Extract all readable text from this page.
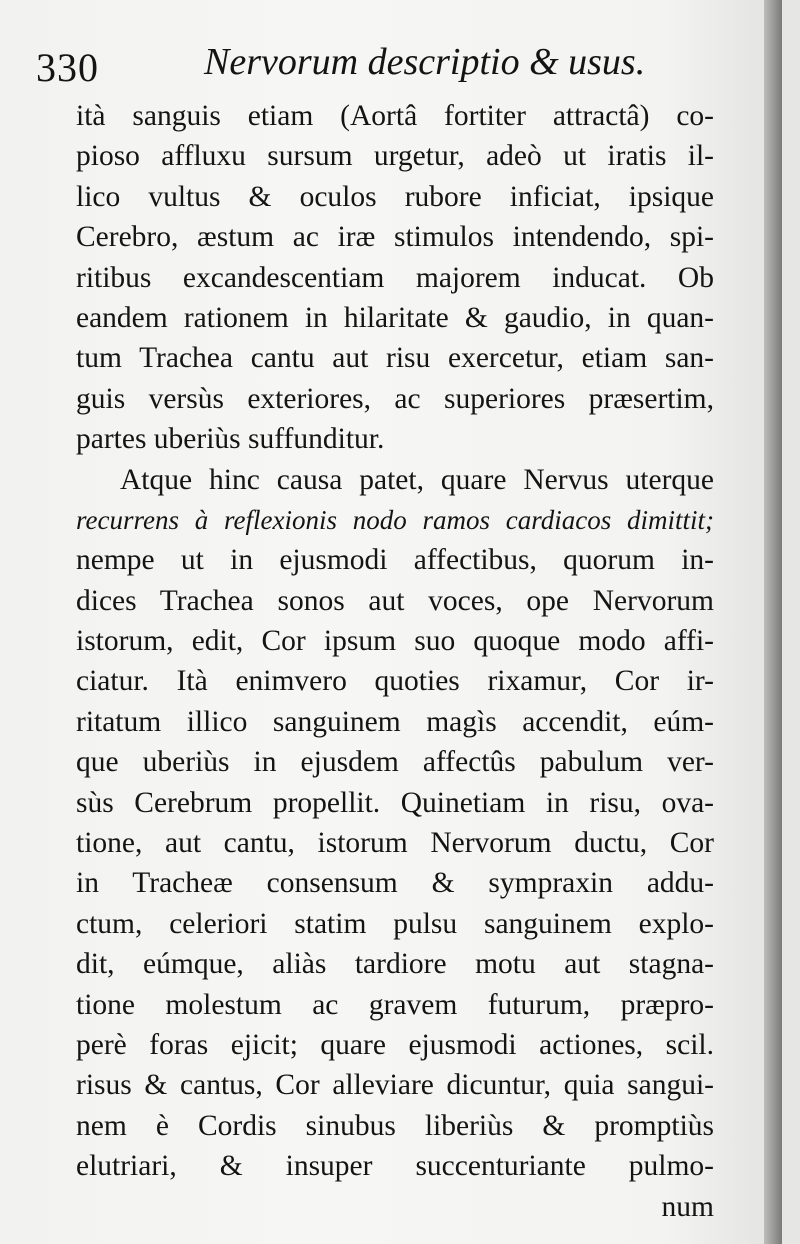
330	Nervorum descriptio & usus.
ità sanguis etiam (Aortâ fortiter attractâ) co-
pioso affluxu sursum urgetur, adeò ut iratis il-
lico vultus & oculos rubore inficiat, ipsique
Cerebro, æstum ac iræ stimulos intendendo, spi-
ritibus excandescentiam majorem inducat. Ob
eandem rationem in hilaritate & gaudio, in quan-
tum Trachea cantu aut risu exercetur, etiam san-
guis versùs exteriores, ac superiores præsertim,
partes uberiùs suffunditur.
Atque hinc causa patet, quare Nervus uterque
recurrens à reflexionis nodo ramos cardiacos dimittit;
nempe ut in ejusmodi affectibus, quorum in-
dices Trachea sonos aut voces, ope Nervorum
istorum, edit, Cor ipsum suo quoque modo affi-
ciatur. Ità enimvero quoties rixamur, Cor ir-
ritatum illico sanguinem magìs accendit, eúm-
que uberiùs in ejusdem affectûs pabulum ver-
sùs Cerebrum propellit. Quinetiam in risu, ova-
tione, aut cantu, istorum Nervorum ductu, Cor
in Tracheæ consensum & sympraxin addu-
ctum, celeriori statim pulsu sanguinem explo-
dit, eúmque, aliàs tardiore motu aut stagna-
tione molestum ac gravem futurum, præpro-
perè foras ejicit; quare ejusmodi actiones, scil.
risus & cantus, Cor alleviare dicuntur, quia sangui-
nem è Cordis sinubus liberiùs & promptiùs
elutriari, & insuper succenturiante pulmo-
num
